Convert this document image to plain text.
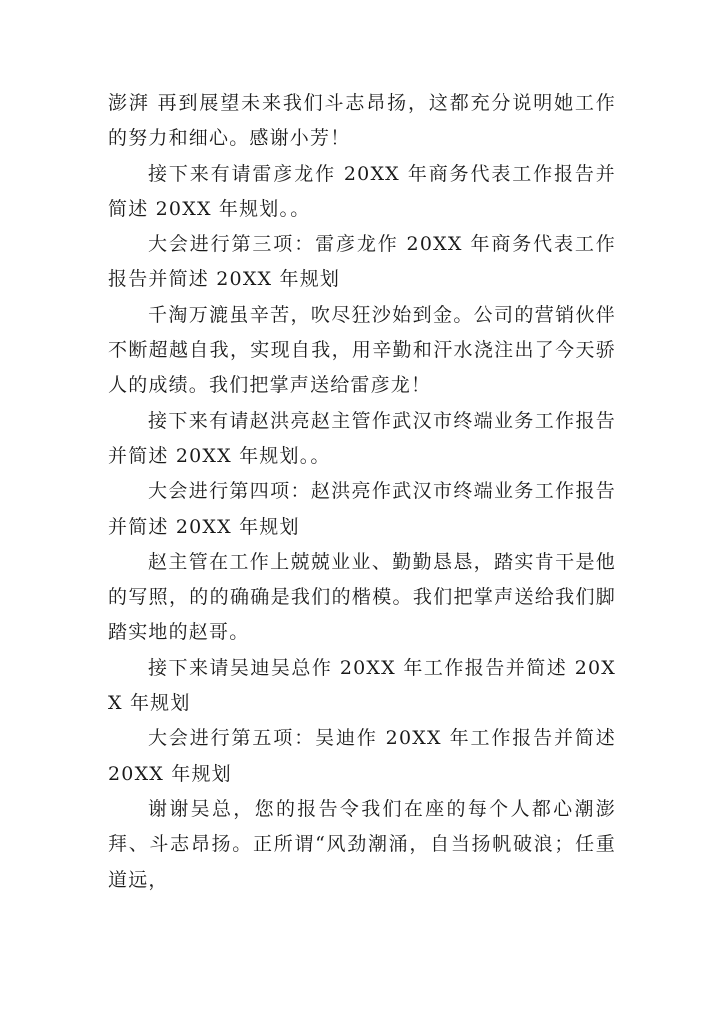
澎湃 再到展望未来我们斗志昂扬，这都充分说明她工作的努力和细心。感谢小芳！

接下来有请雷彦龙作 20XX 年商务代表工作报告并简述 20XX 年规划。。

大会进行第三项：雷彦龙作 20XX 年商务代表工作报告并简述 20XX 年规划

千淘万漉虽辛苦，吹尽狂沙始到金。公司的营销伙伴不断超越自我，实现自我，用辛勤和汗水浇注出了今天骄人的成绩。我们把掌声送给雷彦龙！

接下来有请赵洪亮赵主管作武汉市终端业务工作报告并简述 20XX 年规划。。

大会进行第四项：赵洪亮作武汉市终端业务工作报告并简述 20XX 年规划

赵主管在工作上兢兢业业、勤勤恳恳，踏实肯干是他的写照，的的确确是我们的楷模。我们把掌声送给我们脚踏实地的赵哥。

接下来请吴迪吴总作 20XX 年工作报告并简述 20XX 年规划

大会进行第五项：吴迪作 20XX 年工作报告并简述 20XX 年规划

谢谢吴总，您的报告令我们在座的每个人都心潮澎拜、斗志昂扬。正所谓“风劲潮涌，自当扬帆破浪；任重道远，
